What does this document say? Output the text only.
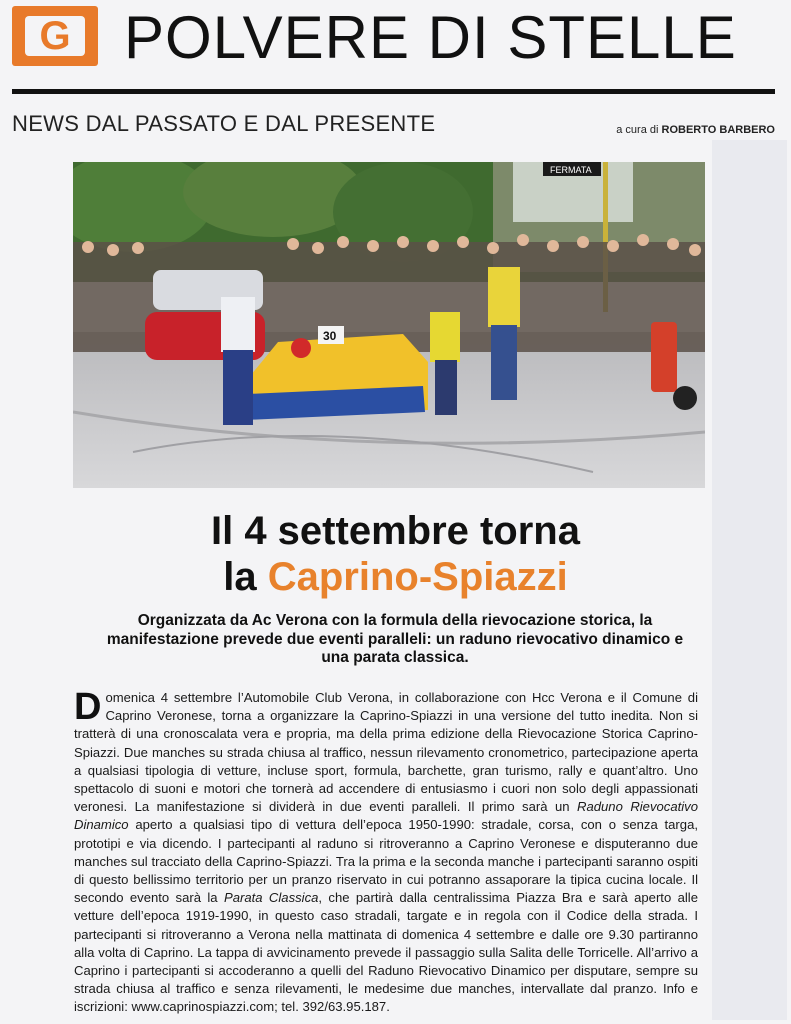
G POLVERE DI STELLE
NEWS DAL PASSATO E DAL PRESENTE	a cura di ROBERTO BARBERO
FERMATA
30
Il 4 settembre torna
la Caprino-Spiazzi
Organizzata da Ac Verona con la formula della rievocazione storica, la manifestazione prevede due eventi paralleli: un raduno rievocativo dinamico e una parata classica.
Domenica 4 settembre l’Automobile Club Verona, in collaborazione con Hcc Verona e il Comune di Caprino Veronese, torna a organizzare la Caprino-Spiazzi in una versione del tutto inedita. Non si tratterà di una cronoscalata vera e propria, ma della prima edizione della Rievocazione Storica Caprino-Spiazzi. Due manches su strada chiusa al traffico, nessun rilevamento cronometrico, partecipazione aperta a qualsiasi tipologia di vetture, incluse sport, formula, barchette, gran turismo, rally e quant’altro. Uno spettacolo di suoni e motori che tornerà ad accendere di entusiasmo i cuori non solo degli appassionati veronesi. La manifestazione si dividerà in due eventi paralleli. Il primo sarà un Raduno Rievocativo Dinamico aperto a qualsiasi tipo di vettura dell’epoca 1950-1990: stradale, corsa, con o senza targa, prototipi e via dicendo. I partecipanti al raduno si ritroveranno a Caprino Veronese e disputeranno due manches sul tracciato della Caprino-Spiazzi. Tra la prima e la seconda manche i partecipanti saranno ospiti di questo bellissimo territorio per un pranzo riservato in cui potranno assaporare la tipica cucina locale. Il secondo evento sarà la Parata Classica, che partirà dalla centralissima Piazza Bra e sarà aperto alle vetture dell’epoca 1919-1990, in questo caso stradali, targate e in regola con il Codice della strada. I partecipanti si ritroveranno a Verona nella mattinata di domenica 4 settembre e dalle ore 9.30 partiranno alla volta di Caprino. La tappa di avvicinamento prevede il passaggio sulla Salita delle Torricelle. All’arrivo a Caprino i partecipanti si accoderanno a quelli del Raduno Rievocativo Dinamico per disputare, sempre su strada chiusa al traffico e senza rilevamenti, le medesime due manches, intervallate dal pranzo. Info e iscrizioni: www.caprinospiazzi.com; tel. 392/63.95.187.
